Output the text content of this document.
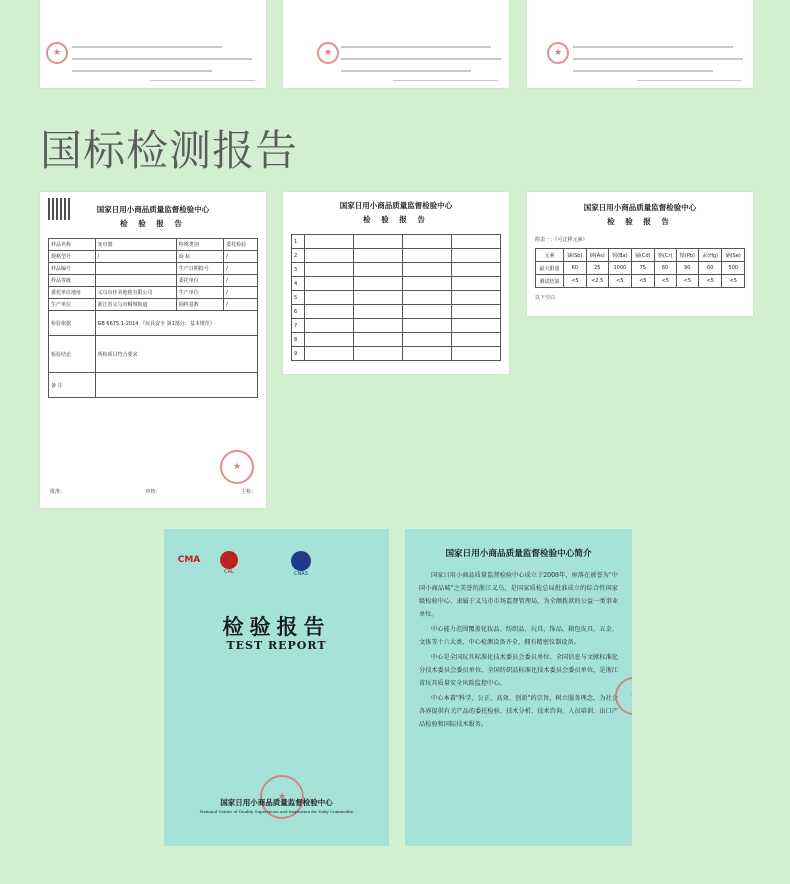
★
★
★
国标检测报告
国家日用小商品质量监督检验中心
检 验 报 告
样品名称	宠巾器	特殊类别	委托检验
规格型号	/	商 标	/
样品编号		生产日期批号	/
样品等级		委托单位	/
委托单位地址	义乌市佳美地毯有限公司	生产单位	/
生产单位	浙江省义乌市稠城街道	抽样基数	/
检验依据	GB 6675.1-2014 《玩具安全 第1部分：基本规范》		
检验结论	所检项目符合要求		
备 注			
批准：	审核：	主检：
★
国家日用小商品质量监督检验中心
检 验 报 告
1				
2				
3				
4				
5				
6				
7				
8				
9				
国家日用小商品质量监督检验中心
检 验 报 告
附表一：《可迁移元素》
元素	锑(Sb)	砷(As)	钡(Ba)	镉(Cd)	铬(Cr)	铅(Pb)	汞(Hg)	硒(Se)
最大限量	60	25	1000	75	60	90	60	500
测试结果	<5	<2.5	<5	<5	<5	<5	<5	<5
以下空白
CMA
CAL	CNAS
检验报告
TEST REPORT
★
国家日用小商品质量监督检验中心
National Center of Quality Supervision and Inspection for Daily Commodity
国家日用小商品质量监督检验中心简介

国家日用小商品质量监督检验中心成立于2008年，座落在被誉为"中国小商品城"之美誉的浙江义乌，是国家质检总局批准成立的综合性国家级检验中心，隶属于义乌市市场监督管理局，为全额拨款的公益一类事业单位。

中心能力范围覆盖化妆品、纺织品、玩具、饰品、箱包皮具、五金、文体等十六大类，中心检测设备齐全，拥有精密仪器设备。

中心是全国玩具标准化技术委员会委员单位、全国信息与文献标准化分技术委员会委员单位、全国纺织品标准化技术委员会委员单位，是浙江省玩具质量安全风险监控中心。

中心本着"科学、公正、高效、创新"的宗旨，树立服务理念，为社会各界提供有关产品的委托检验、技术分析、技术咨询、人员培训、出口产品检验和国际技术服务。

★
